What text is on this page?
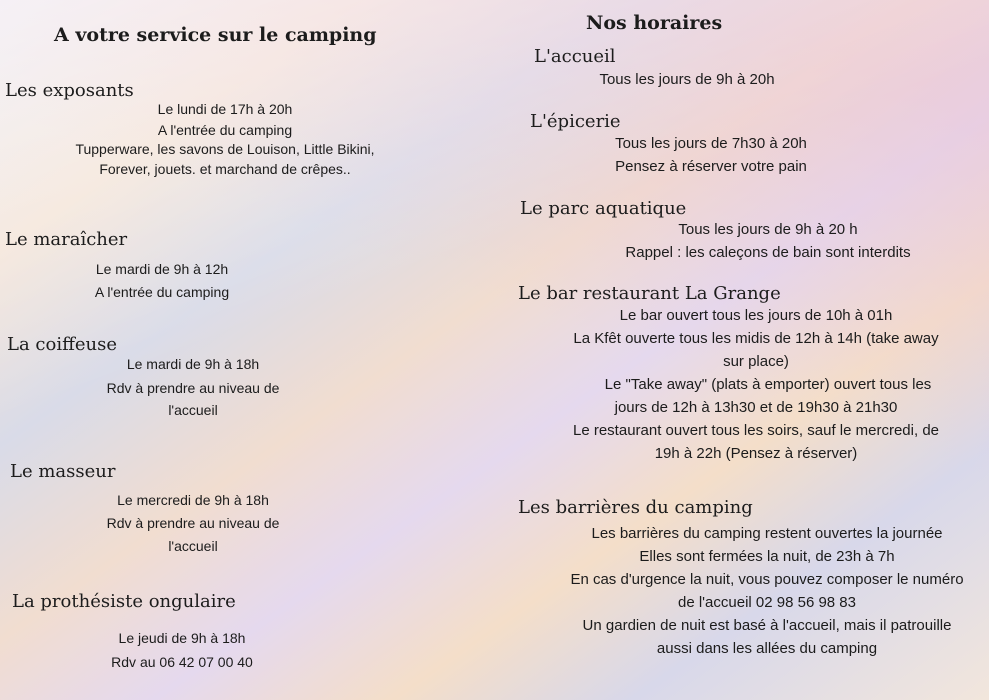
A votre service sur le camping
Les exposants
Le lundi de 17h à 20h
A l'entrée du camping
Tupperware, les savons de Louison, Little Bikini,
Forever, jouets. et marchand de crêpes..
Le maraîcher
Le mardi de 9h à 12h
A l'entrée du camping
La coiffeuse
Le mardi de 9h à 18h
Rdv à prendre au niveau de
l'accueil
Le masseur
Le mercredi de 9h à 18h
Rdv à prendre au niveau de
l'accueil
La prothésiste ongulaire
Le jeudi de 9h à 18h
Rdv au 06 42 07 00 40
Nos horaires
L'accueil
Tous les jours de 9h à 20h
L'épicerie
Tous les jours de 7h30 à 20h
Pensez à réserver votre pain
Le parc aquatique
Tous les jours de 9h à 20 h
Rappel : les caleçons de bain sont interdits
Le bar restaurant La Grange
Le bar ouvert tous les jours de 10h à 01h
La Kfêt ouverte tous les midis de 12h à 14h (take away
sur place)
Le "Take away" (plats à emporter) ouvert tous les
jours de 12h à 13h30 et de 19h30 à 21h30
Le restaurant ouvert tous les soirs, sauf le mercredi, de
19h à 22h (Pensez à réserver)
Les barrières du camping
Les barrières du camping restent ouvertes la journée
Elles sont fermées la nuit, de 23h à 7h
En cas d'urgence la nuit, vous pouvez composer le numéro
de l'accueil 02 98 56 98 83
Un gardien de nuit est basé à l'accueil, mais il patrouille
aussi dans les allées du camping
